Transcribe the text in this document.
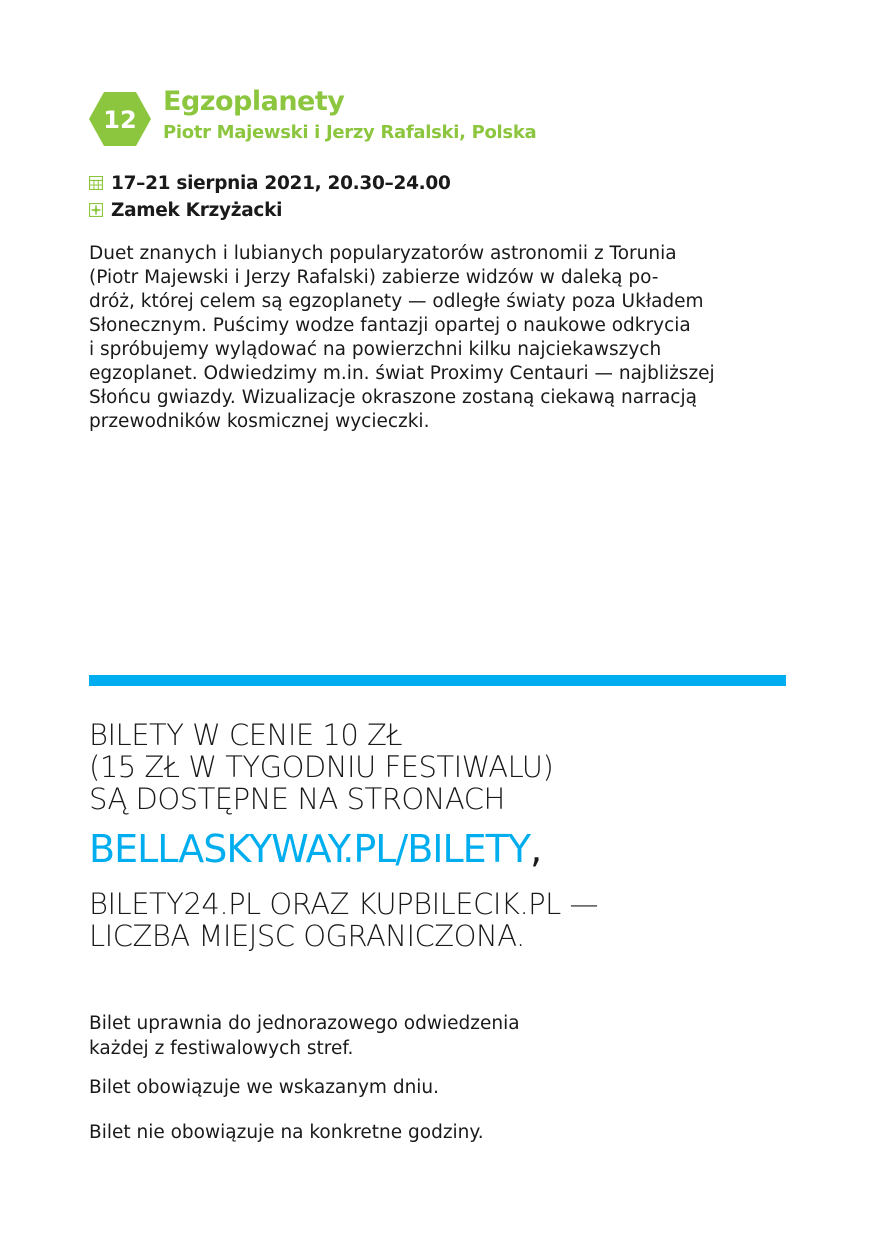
12
Egzoplanety
Piotr Majewski i Jerzy Rafalski, Polska
17–21 sierpnia 2021, 20.30–24.00
Zamek Krzyżacki
Duet znanych i lubianych popularyzatorów astronomii z Torunia
(Piotr Majewski i Jerzy Rafalski) zabierze widzów w daleką po-
dróż, której celem są egzoplanety — odległe światy poza Układem
Słonecznym. Puścimy wodze fantazji opartej o naukowe odkrycia
i spróbujemy wylądować na powierzchni kilku najciekawszych
egzoplanet. Odwiedzimy m.in. świat Proximy Centauri — najbliższej
Słońcu gwiazdy. Wizualizacje okraszone zostaną ciekawą narracją
przewodników kosmicznej wycieczki.
BILETY W CENIE 10 ZŁ
(15 ZŁ W TYGODNIU FESTIWALU)
SĄ DOSTĘPNE NA STRONACH
BELLASKYWAY.PL/BILETY,
BILETY24.PL ORAZ KUPBILECIK.PL —
LICZBA MIEJSC OGRANICZONA.
Bilet uprawnia do jednorazowego odwiedzenia
każdej z festiwalowych stref.
Bilet obowiązuje we wskazanym dniu.
Bilet nie obowiązuje na konkretne godziny.
